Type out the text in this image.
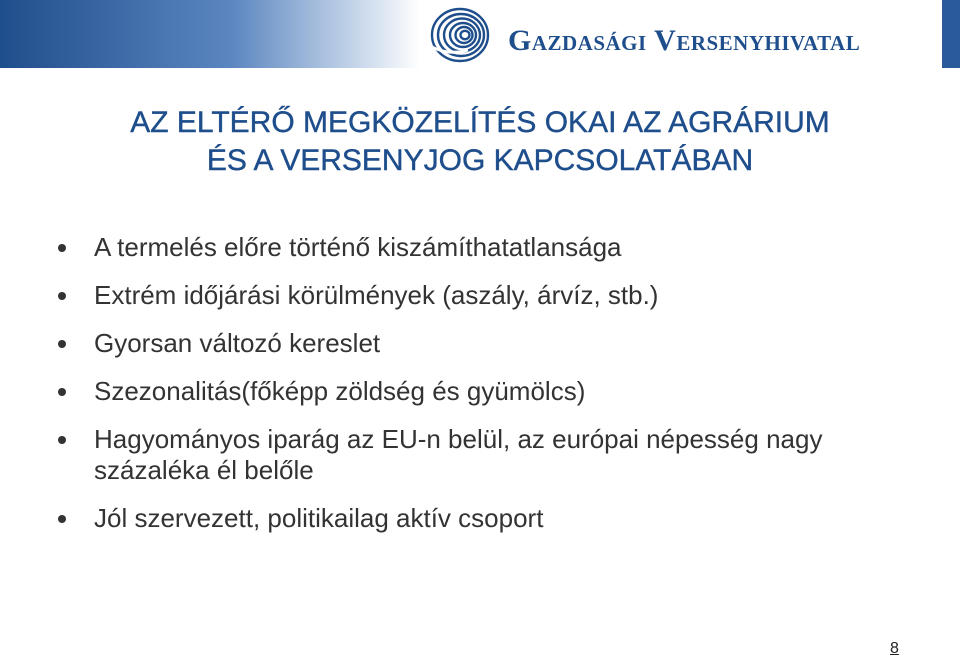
Gazdasági Versenyhivatal
AZ ELTÉRŐ MEGKÖZELÍTÉS OKAI AZ AGRÁRIUM
ÉS A VERSENYJOG KAPCSOLATÁBAN
A termelés előre történő kiszámíthatatlansága
Extrém időjárási körülmények (aszály, árvíz, stb.)
Gyorsan változó kereslet
Szezonalitás(főképp zöldség és gyümölcs)
Hagyományos iparág az EU-n belül, az európai népesség nagy százaléka él belőle
Jól szervezett, politikailag aktív csoport
8
